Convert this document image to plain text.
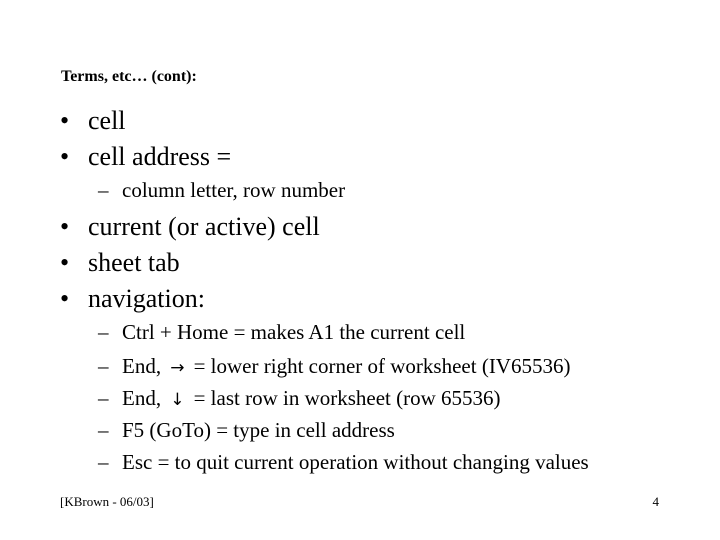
Terms, etc… (cont):
• cell
• cell address =
– column letter, row number
• current (or active) cell
• sheet tab
• navigation:
– Ctrl + Home = makes A1 the current cell
– End, → = lower right corner of worksheet (IV65536)
– End, ↓ = last row in worksheet (row 65536)
– F5 (GoTo) = type in cell address
– Esc = to quit current operation without changing values
[KBrown - 06/03]	4
